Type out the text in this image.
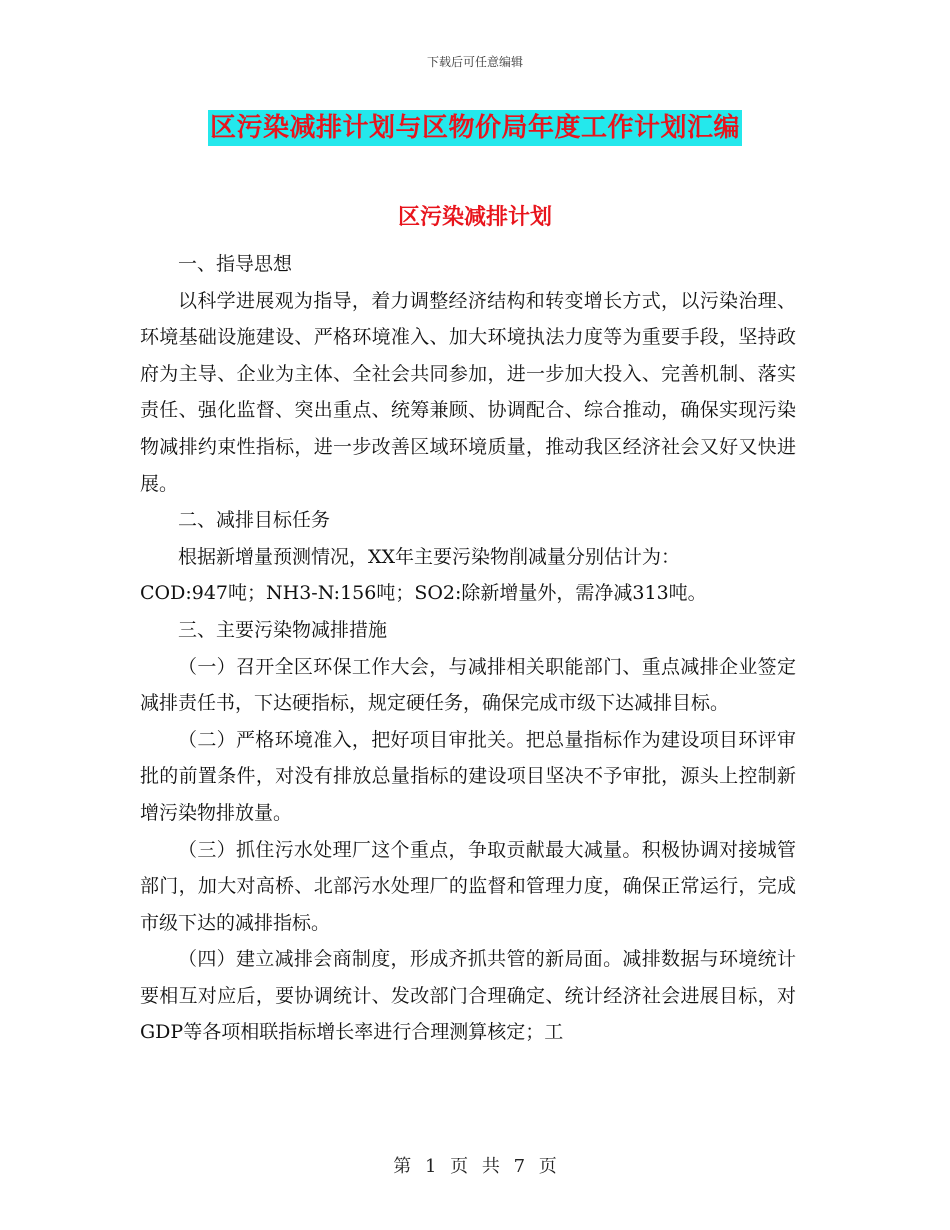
下载后可任意编辑
区污染减排计划与区物价局年度工作计划汇编
区污染减排计划

一、指导思想

以科学进展观为指导，着力调整经济结构和转变增长方式，以污染治理、环境基础设施建设、严格环境准入、加大环境执法力度等为重要手段，坚持政府为主导、企业为主体、全社会共同参加，进一步加大投入、完善机制、落实责任、强化监督、突出重点、统筹兼顾、协调配合、综合推动，确保实现污染物减排约束性指标，进一步改善区域环境质量，推动我区经济社会又好又快进展。

二、减排目标任务

根据新增量预测情况，XX年主要污染物削减量分别估计为：

COD:947吨；NH3-N:156吨；SO2:除新增量外，需净减313吨。

三、主要污染物减排措施

（一）召开全区环保工作大会，与减排相关职能部门、重点减排企业签定减排责任书，下达硬指标，规定硬任务，确保完成市级下达减排目标。

（二）严格环境准入，把好项目审批关。把总量指标作为建设项目环评审批的前置条件，对没有排放总量指标的建设项目坚决不予审批，源头上控制新增污染物排放量。

（三）抓住污水处理厂这个重点，争取贡献最大减量。积极协调对接城管部门，加大对高桥、北部污水处理厂的监督和管理力度，确保正常运行，完成市级下达的减排指标。

（四）建立减排会商制度，形成齐抓共管的新局面。减排数据与环境统计要相互对应后，要协调统计、发改部门合理确定、统计经济社会进展目标，对GDP等各项相联指标增长率进行合理测算核定；工

第 1 页 共 7 页
